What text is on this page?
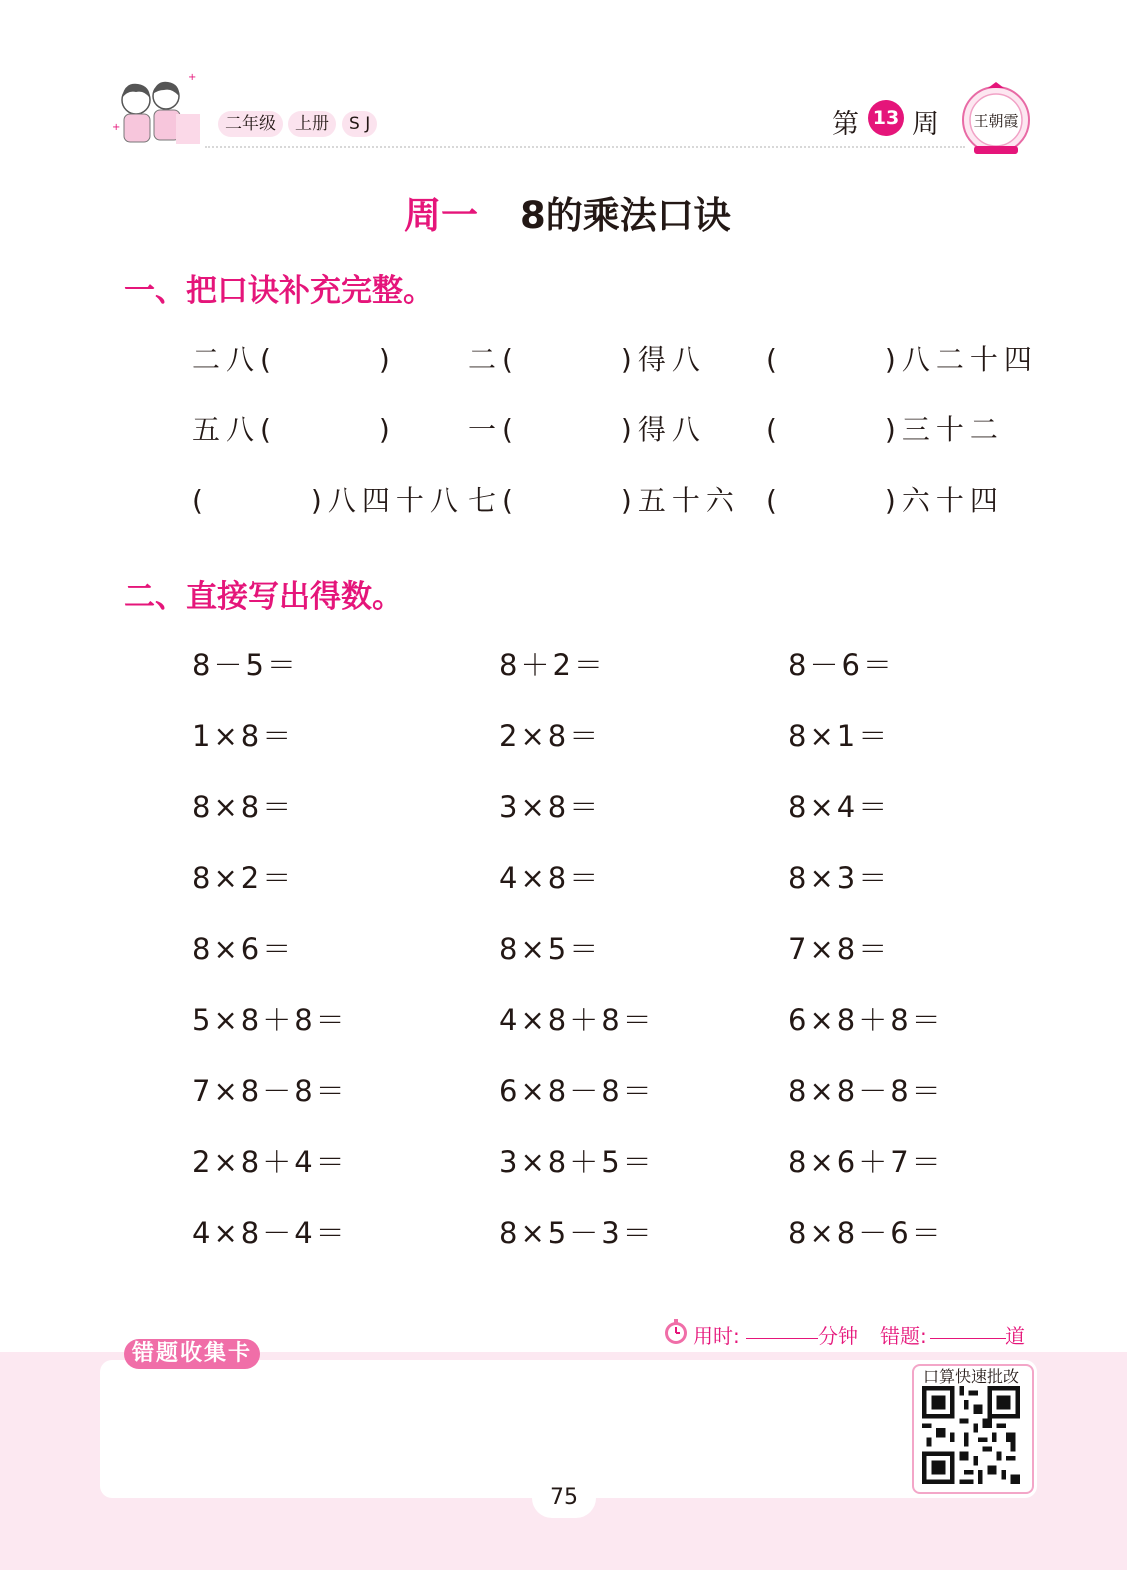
+
+
二年级	上册	S J	第 13 周 王朝霞
周一 8的乘法口诀
一、把口诀补充完整。
二八(　　　)	二(　　　)得八 (　　　)八二十四
五八(　　　)	一(　　　)得八 (　　　)三十二
(　　　)八四十八 七(　　　)五十六 (　　　)六十四
二、直接写出得数。
8－5＝	8＋2＝	8－6＝
1×8＝	2×8＝	8×1＝
8×8＝	3×8＝	8×4＝
8×2＝	4×8＝	8×3＝
8×6＝	8×5＝	7×8＝
5×8＋8＝	4×8＋8＝	6×8＋8＝
7×8－8＝	6×8－8＝	8×8－8＝
2×8＋4＝	3×8＋5＝	8×6＋7＝
4×8－4＝	8×5－3＝	8×8－6＝
用时:	分钟 错题:	道
错题收集卡
口算快速批改
75
